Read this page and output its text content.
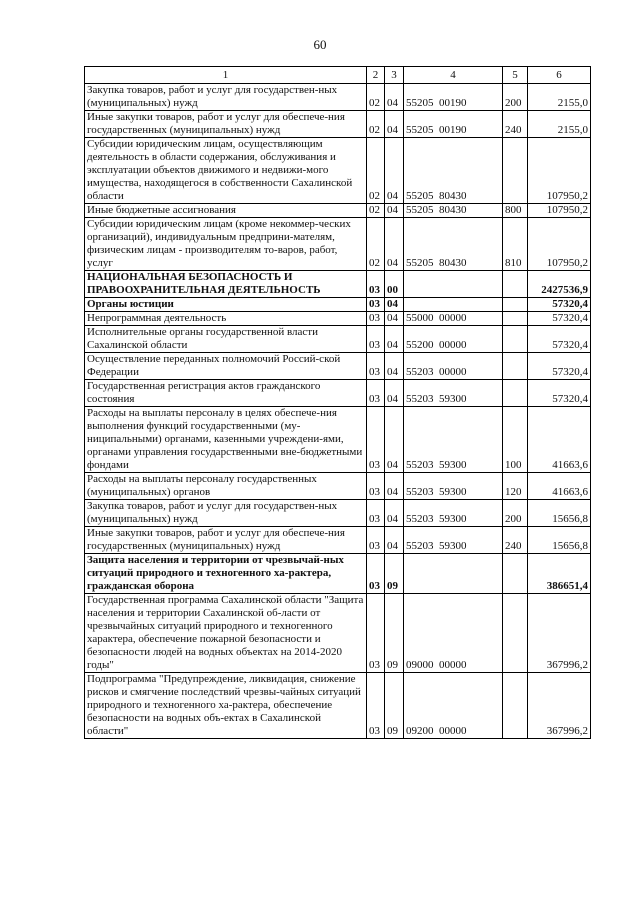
60
1	2	3	4	5	6
Закупка товаров, работ и услуг для государствен-ных (муниципальных) нужд	02	04	55205  00190	200	2155,0
Иные закупки товаров, работ и услуг для обеспече-ния государственных (муниципальных) нужд	02	04	55205  00190	240	2155,0
Субсидии юридическим лицам, осуществляющим деятельность в области содержания, обслуживания и эксплуатации объектов движимого и недвижи-мого имущества, находящегося в собственности Сахалинской области	02	04	55205  80430		107950,2
Иные бюджетные ассигнования	02	04	55205  80430	800	107950,2
Субсидии юридическим лицам (кроме некоммер-ческих организаций), индивидуальным предприни-мателям, физическим лицам - производителям то-варов, работ, услуг	02	04	55205  80430	810	107950,2
НАЦИОНАЛЬНАЯ БЕЗОПАСНОСТЬ И ПРАВООХРАНИТЕЛЬНАЯ ДЕЯТЕЛЬНОСТЬ	03	00			2427536,9
Органы юстиции	03	04			57320,4
Непрограммная деятельность	03	04	55000  00000		57320,4
Исполнительные органы государственной власти Сахалинской области	03	04	55200  00000		57320,4
Осуществление переданных полномочий Россий-ской Федерации	03	04	55203  00000		57320,4
Государственная регистрация актов гражданского состояния	03	04	55203  59300		57320,4
Расходы на выплаты персоналу в целях обеспече-ния выполнения функций государственными (му-ниципальными) органами, казенными учреждени-ями, органами управления государственными вне-бюджетными фондами	03	04	55203  59300	100	41663,6
Расходы на выплаты персоналу государственных (муниципальных) органов	03	04	55203  59300	120	41663,6
Закупка товаров, работ и услуг для государствен-ных (муниципальных) нужд	03	04	55203  59300	200	15656,8
Иные закупки товаров, работ и услуг для обеспече-ния государственных (муниципальных) нужд	03	04	55203  59300	240	15656,8
Защита населения и территории от чрезвычай-ных ситуаций природного и техногенного ха-рактера, гражданская оборона	03	09			386651,4
Государственная программа Сахалинской области "Защита населения и территории Сахалинской об-ласти от чрезвычайных ситуаций природного и техногенного характера, обеспечение пожарной безопасности и безопасности людей на водных объектах на 2014-2020 годы"	03	09	09000  00000		367996,2
Подпрограмма "Предупреждение, ликвидация, снижение рисков и смягчение последствий чрезвы-чайных ситуаций природного и техногенного ха-рактера, обеспечение безопасности на водных объ-ектах в Сахалинской области"	03	09	09200  00000		367996,2
